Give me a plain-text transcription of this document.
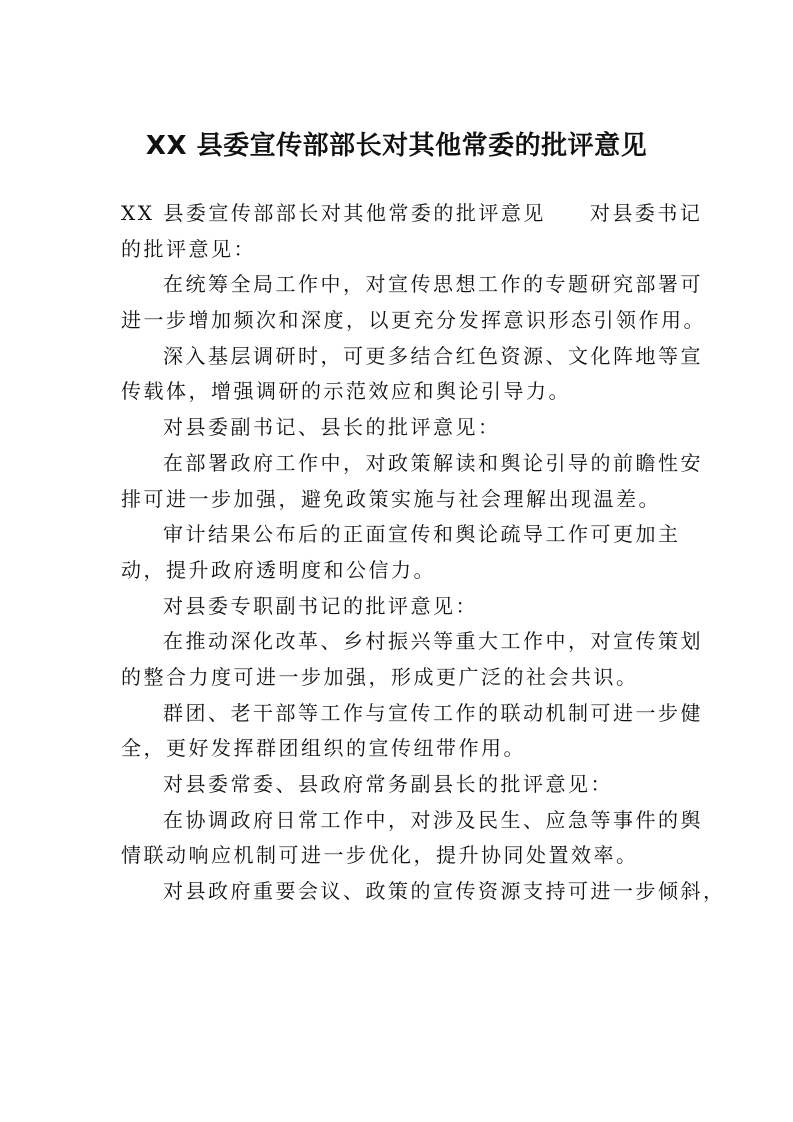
XX 县委宣传部部长对其他常委的批评意见
XX 县委宣传部部长对其他常委的批评意见 对县委书记
的批评意见：
在统筹全局工作中，对宣传思想工作的专题研究部署可
进一步增加频次和深度，以更充分发挥意识形态引领作用。
深入基层调研时，可更多结合红色资源、文化阵地等宣
传载体，增强调研的示范效应和舆论引导力。
对县委副书记、县长的批评意见：
在部署政府工作中，对政策解读和舆论引导的前瞻性安
排可进一步加强，避免政策实施与社会理解出现温差。
审计结果公布后的正面宣传和舆论疏导工作可更加主
动，提升政府透明度和公信力。
对县委专职副书记的批评意见：
在推动深化改革、乡村振兴等重大工作中，对宣传策划
的整合力度可进一步加强，形成更广泛的社会共识。
群团、老干部等工作与宣传工作的联动机制可进一步健
全，更好发挥群团组织的宣传纽带作用。
对县委常委、县政府常务副县长的批评意见：
在协调政府日常工作中，对涉及民生、应急等事件的舆
情联动响应机制可进一步优化，提升协同处置效率。
对县政府重要会议、政策的宣传资源支持可进一步倾斜，
